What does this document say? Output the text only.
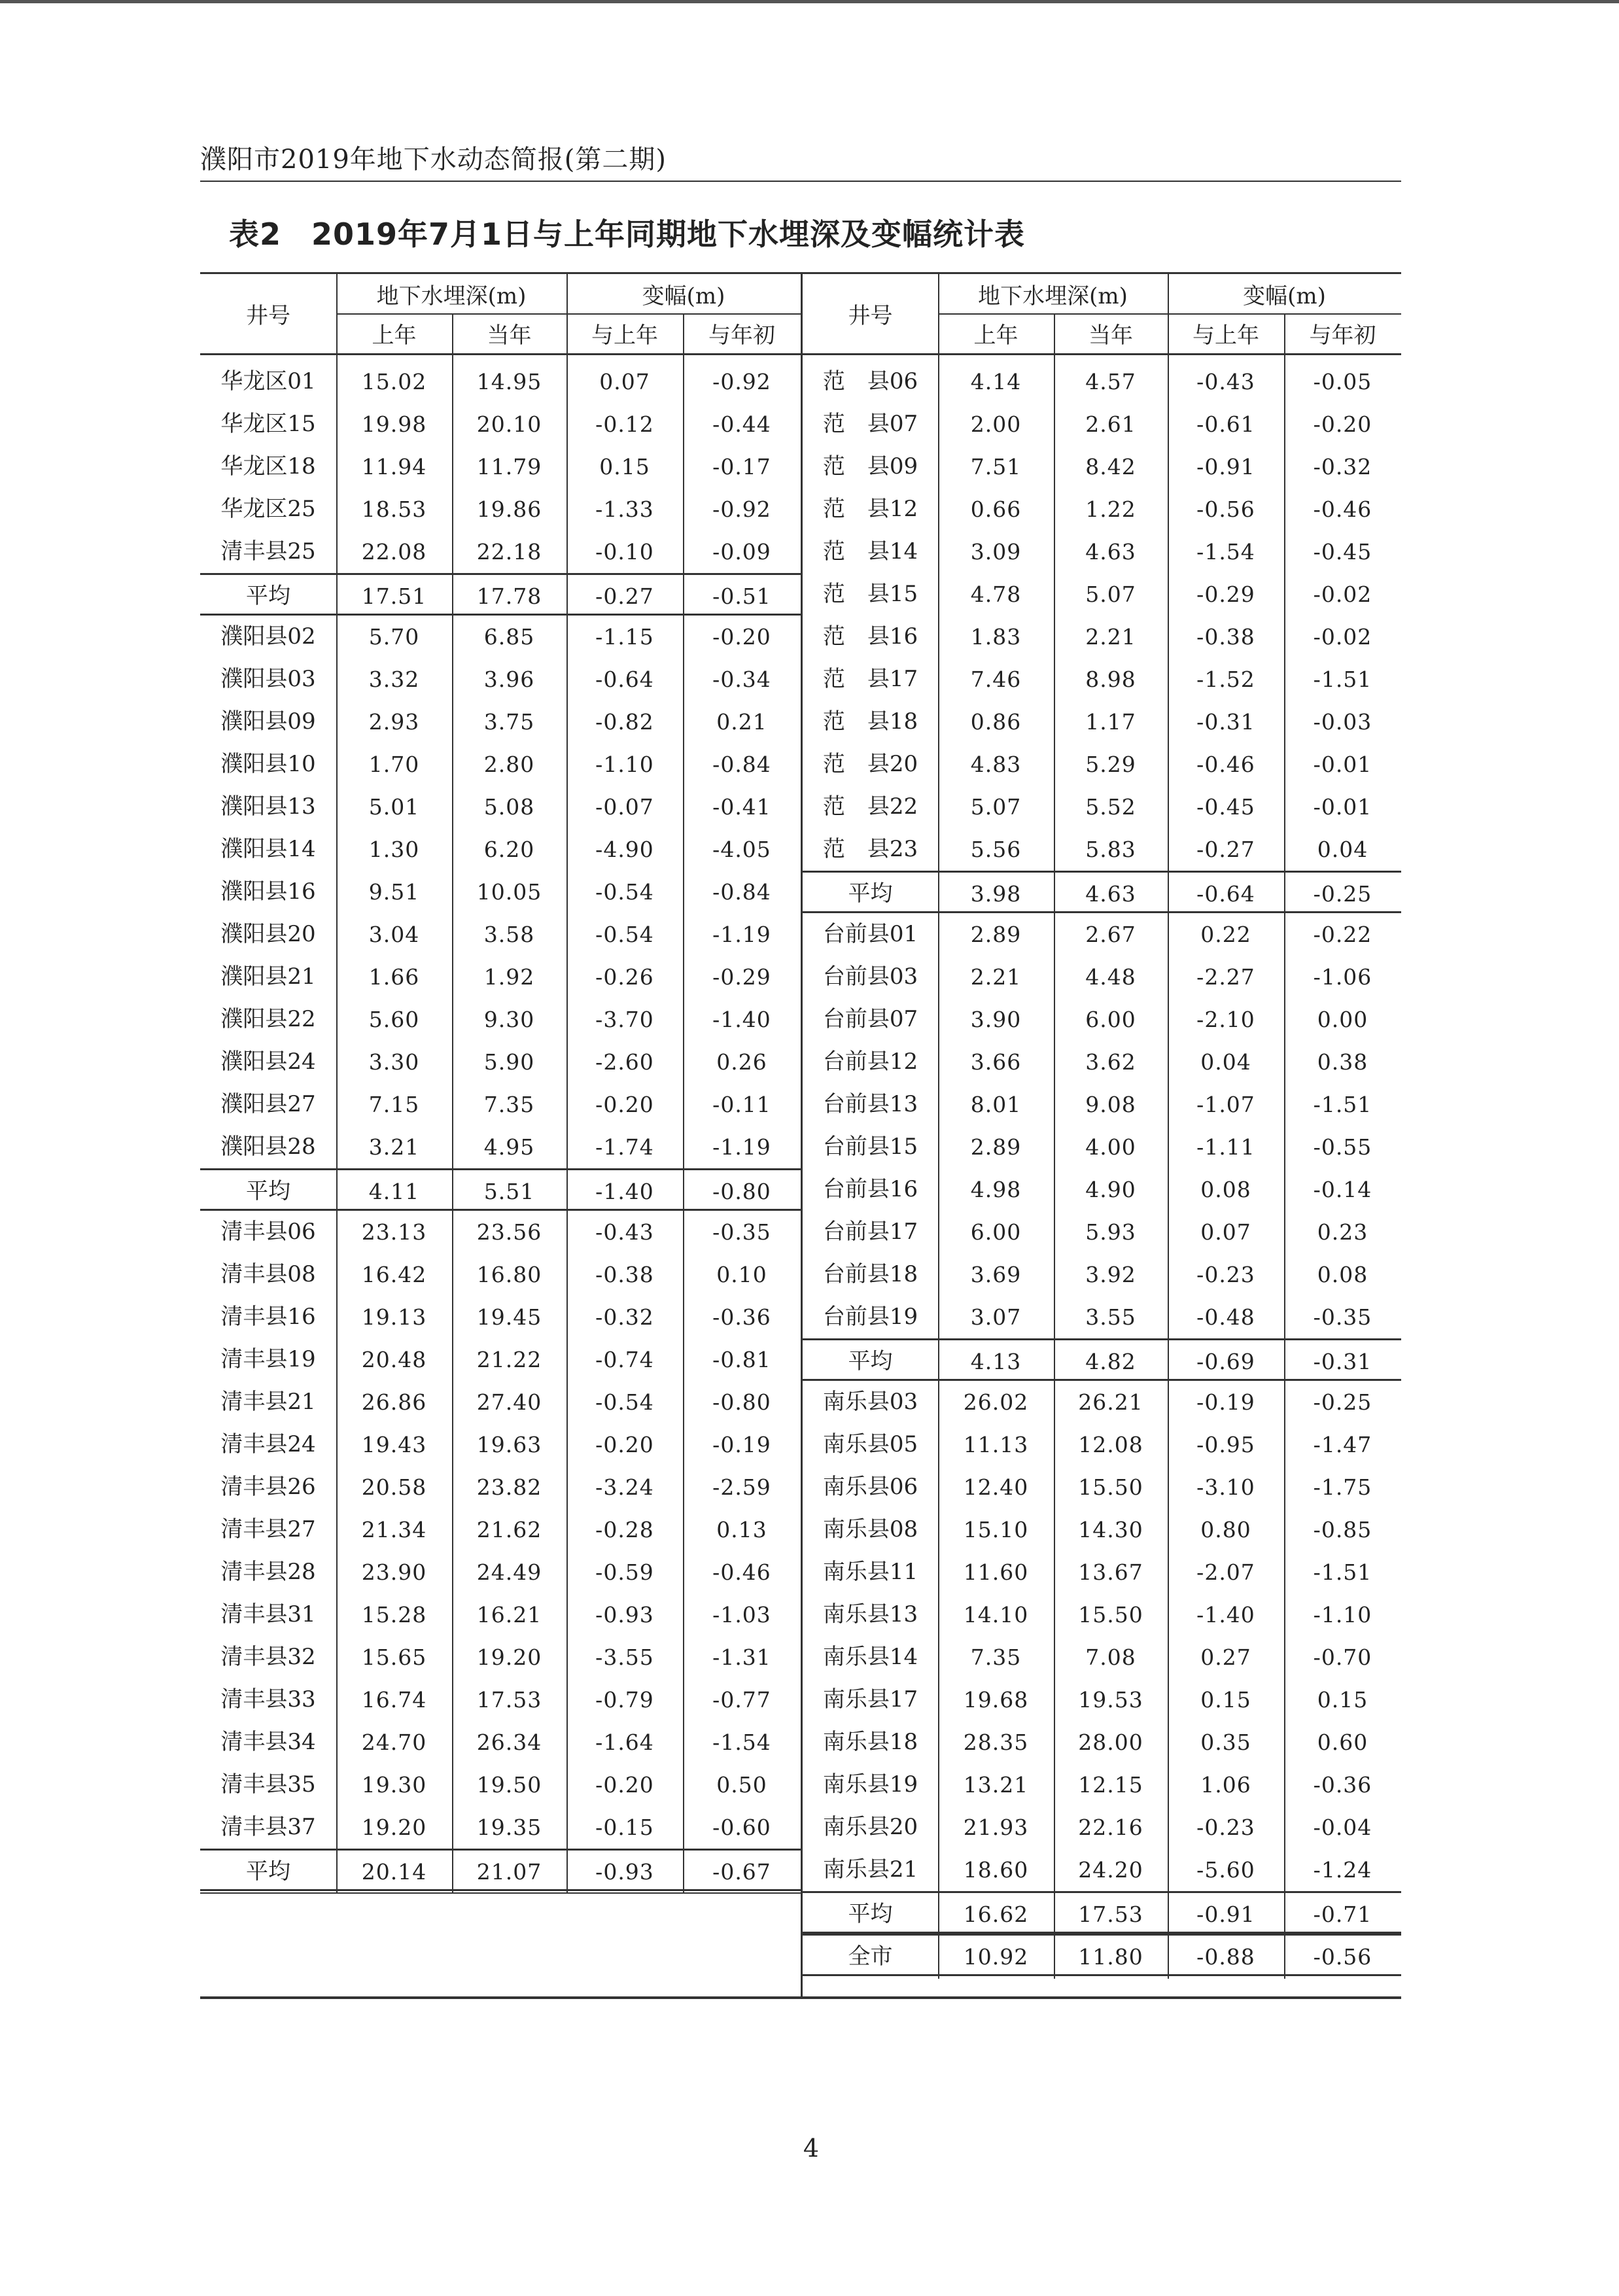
濮阳市2019年地下水动态简报(第二期)
表2 2019年7月1日与上年同期地下水埋深及变幅统计表
井号
地下水埋深(m)	变幅(m)
上年	当年	与上年	与年初
华龙区01	15.02	14.95	0.07	-0.92
华龙区15	19.98	20.10	-0.12	-0.44
华龙区18	11.94	11.79	0.15	-0.17
华龙区25	18.53	19.86	-1.33	-0.92
清丰县25	22.08	22.18	-0.10	-0.09
平均	17.51	17.78	-0.27	-0.51
濮阳县02	5.70	6.85	-1.15	-0.20
濮阳县03	3.32	3.96	-0.64	-0.34
濮阳县09	2.93	3.75	-0.82	0.21
濮阳县10	1.70	2.80	-1.10	-0.84
濮阳县13	5.01	5.08	-0.07	-0.41
濮阳县14	1.30	6.20	-4.90	-4.05
濮阳县16	9.51	10.05	-0.54	-0.84
濮阳县20	3.04	3.58	-0.54	-1.19
濮阳县21	1.66	1.92	-0.26	-0.29
濮阳县22	5.60	9.30	-3.70	-1.40
濮阳县24	3.30	5.90	-2.60	0.26
濮阳县27	7.15	7.35	-0.20	-0.11
濮阳县28	3.21	4.95	-1.74	-1.19
平均	4.11	5.51	-1.40	-0.80
清丰县06	23.13	23.56	-0.43	-0.35
清丰县08	16.42	16.80	-0.38	0.10
清丰县16	19.13	19.45	-0.32	-0.36
清丰县19	20.48	21.22	-0.74	-0.81
清丰县21	26.86	27.40	-0.54	-0.80
清丰县24	19.43	19.63	-0.20	-0.19
清丰县26	20.58	23.82	-3.24	-2.59
清丰县27	21.34	21.62	-0.28	0.13
清丰县28	23.90	24.49	-0.59	-0.46
清丰县31	15.28	16.21	-0.93	-1.03
清丰县32	15.65	19.20	-3.55	-1.31
清丰县33	16.74	17.53	-0.79	-0.77
清丰县34	24.70	26.34	-1.64	-1.54
清丰县35	19.30	19.50	-0.20	0.50
清丰县37	19.20	19.35	-0.15	-0.60
平均	20.14	21.07	-0.93	-0.67
井号
地下水埋深(m)	变幅(m)
上年	当年	与上年	与年初
范　县06	4.14	4.57	-0.43	-0.05
范　县07	2.00	2.61	-0.61	-0.20
范　县09	7.51	8.42	-0.91	-0.32
范　县12	0.66	1.22	-0.56	-0.46
范　县14	3.09	4.63	-1.54	-0.45
范　县15	4.78	5.07	-0.29	-0.02
范　县16	1.83	2.21	-0.38	-0.02
范　县17	7.46	8.98	-1.52	-1.51
范　县18	0.86	1.17	-0.31	-0.03
范　县20	4.83	5.29	-0.46	-0.01
范　县22	5.07	5.52	-0.45	-0.01
范　县23	5.56	5.83	-0.27	0.04
平均	3.98	4.63	-0.64	-0.25
台前县01	2.89	2.67	0.22	-0.22
台前县03	2.21	4.48	-2.27	-1.06
台前县07	3.90	6.00	-2.10	0.00
台前县12	3.66	3.62	0.04	0.38
台前县13	8.01	9.08	-1.07	-1.51
台前县15	2.89	4.00	-1.11	-0.55
台前县16	4.98	4.90	0.08	-0.14
台前县17	6.00	5.93	0.07	0.23
台前县18	3.69	3.92	-0.23	0.08
台前县19	3.07	3.55	-0.48	-0.35
平均	4.13	4.82	-0.69	-0.31
南乐县03	26.02	26.21	-0.19	-0.25
南乐县05	11.13	12.08	-0.95	-1.47
南乐县06	12.40	15.50	-3.10	-1.75
南乐县08	15.10	14.30	0.80	-0.85
南乐县11	11.60	13.67	-2.07	-1.51
南乐县13	14.10	15.50	-1.40	-1.10
南乐县14	7.35	7.08	0.27	-0.70
南乐县17	19.68	19.53	0.15	0.15
南乐县18	28.35	28.00	0.35	0.60
南乐县19	13.21	12.15	1.06	-0.36
南乐县20	21.93	22.16	-0.23	-0.04
南乐县21	18.60	24.20	-5.60	-1.24
平均	16.62	17.53	-0.91	-0.71
全市	10.92	11.80	-0.88	-0.56
4
